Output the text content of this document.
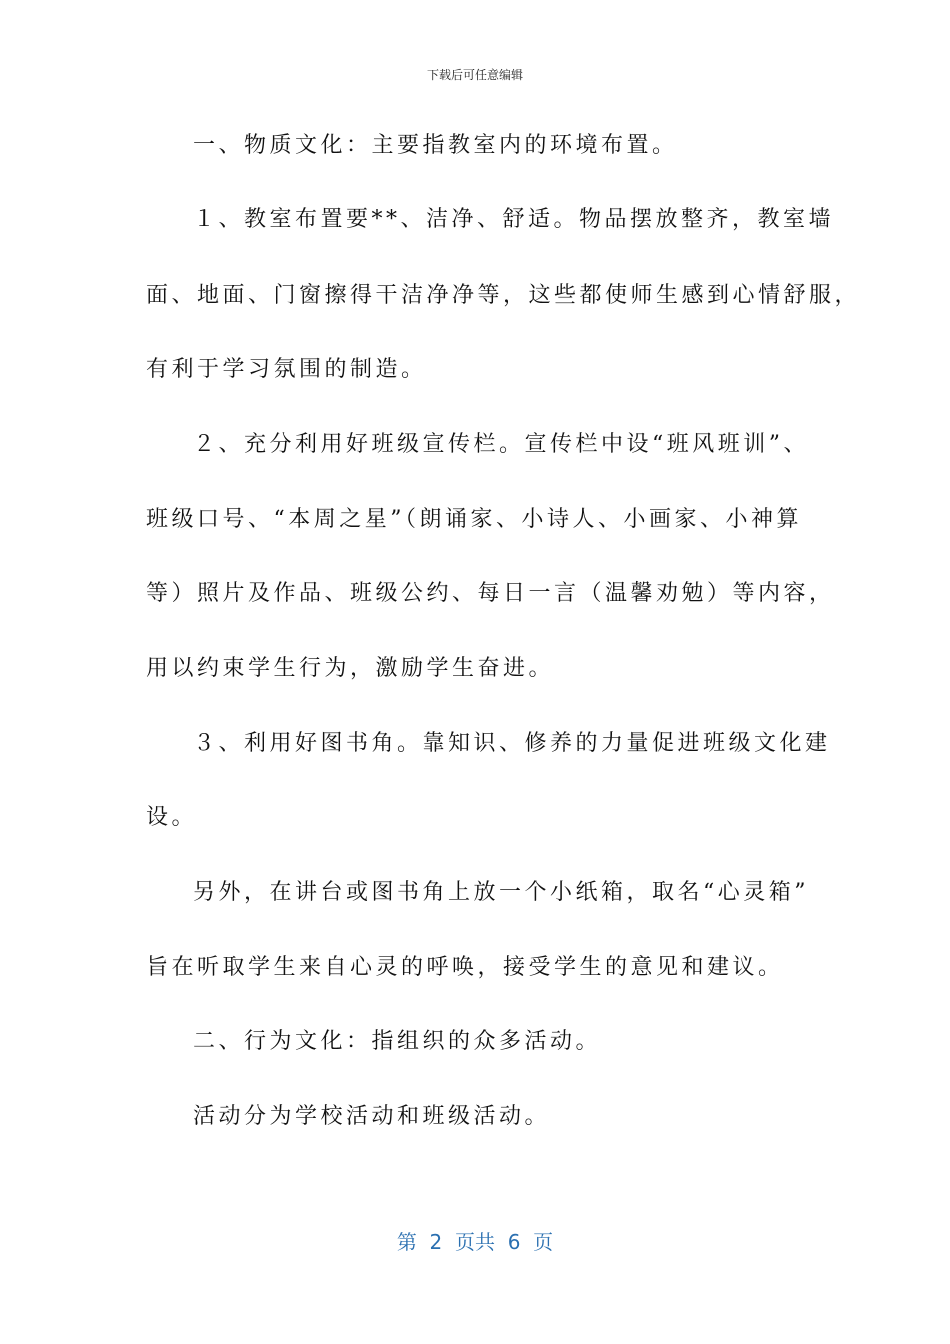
下载后可任意编辑
一、物质文化：主要指教室内的环境布置。
１、教室布置要**、洁净、舒适。物品摆放整齐，教室墙
面、地面、门窗擦得干洁净净等，这些都使师生感到心情舒服，
有利于学习氛围的制造。
２、充分利用好班级宣传栏。宣传栏中设“班风班训”、
班级口号、“本周之星”（朗诵家、小诗人、小画家、小神算
等）照片及作品、班级公约、每日一言（温馨劝勉）等内容，
用以约束学生行为，激励学生奋进。
３、利用好图书角。靠知识、修养的力量促进班级文化建
设。
另外，在讲台或图书角上放一个小纸箱，取名“心灵箱”
旨在听取学生来自心灵的呼唤，接受学生的意见和建议。
二、行为文化：指组织的众多活动。
活动分为学校活动和班级活动。
第  2  页共  6  页
